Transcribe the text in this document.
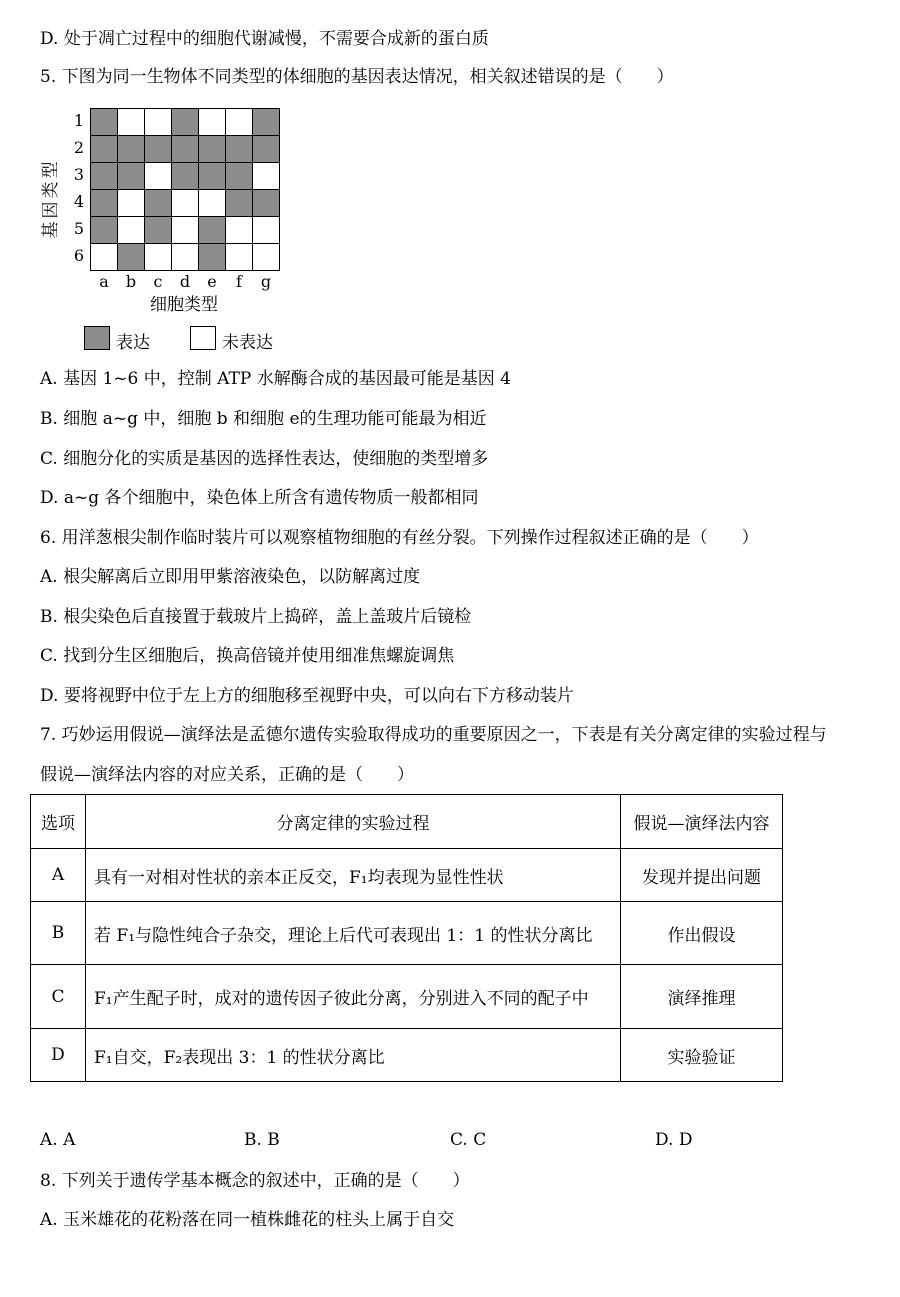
D. 处于凋亡过程中的细胞代谢减慢，不需要合成新的蛋白质
5. 下图为同一生物体不同类型的体细胞的基因表达情况，相关叙述错误的是（　　）
型
类
因
基
细胞类型
表达	未表达
1
2
3
4
5
6
a	b	c	d	e	f	g
A. 基因 1~6 中，控制 ATP 水解酶合成的基因最可能是基因 4
B. 细胞 a~g 中，细胞 b 和细胞 e的生理功能可能最为相近
C. 细胞分化的实质是基因的选择性表达，使细胞的类型增多
D. a~g 各个细胞中，染色体上所含有遗传物质一般都相同
6. 用洋葱根尖制作临时装片可以观察植物细胞的有丝分裂。下列操作过程叙述正确的是（　　）
A. 根尖解离后立即用甲紫溶液染色，以防解离过度
B. 根尖染色后直接置于载玻片上捣碎，盖上盖玻片后镜检
C. 找到分生区细胞后，换高倍镜并使用细准焦螺旋调焦
D. 要将视野中位于左上方的细胞移至视野中央，可以向右下方移动装片
7. 巧妙运用假说—演绎法是孟德尔遗传实验取得成功的重要原因之一，下表是有关分离定律的实验过程与
假说—演绎法内容的对应关系，正确的是（　　）
选项	分离定律的实验过程	假说—演绎法内容
A	具有一对相对性状的亲本正反交，F₁均表现为显性性状	发现并提出问题
B	若 F₁与隐性纯合子杂交，理论上后代可表现出 1：1 的性状分离比	作出假设
C	F₁产生配子时，成对的遗传因子彼此分离，分别进入不同的配子中	演绎推理
D	F₁自交，F₂表现出 3：1 的性状分离比	实验验证
A. A	B. B	C. C	D. D
8. 下列关于遗传学基本概念的叙述中，正确的是（　　）
A. 玉米雄花的花粉落在同一植株雌花的柱头上属于自交
